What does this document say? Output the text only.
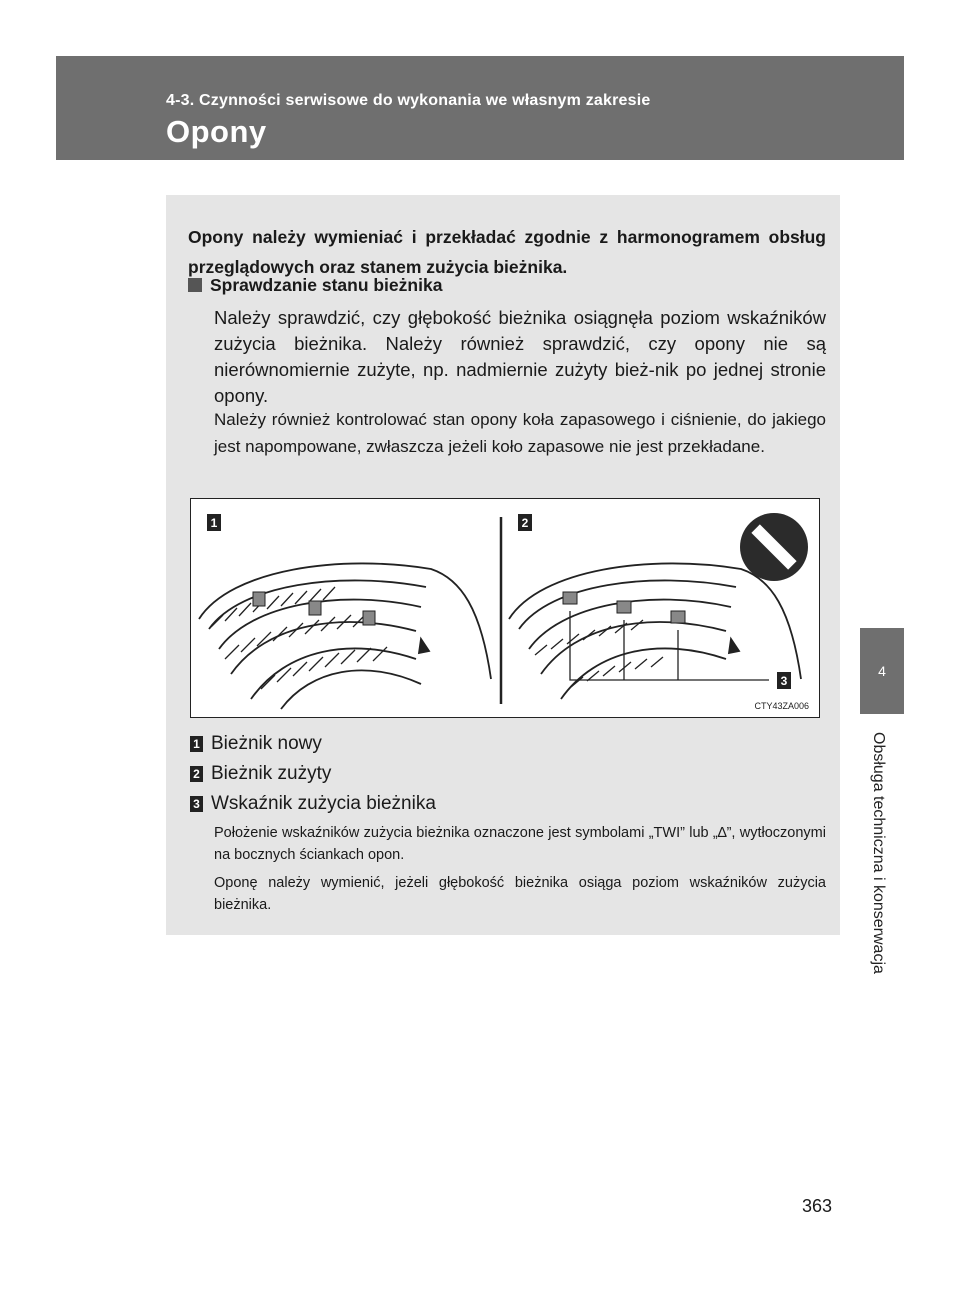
4-3. Czynności serwisowe do wykonania we własnym zakresie
Opony
4
Obsługa techniczna i konserwacja
Opony należy wymieniać i przekładać zgodnie z harmonogramem obsług przeglądowych oraz stanem zużycia bieżnika.
Sprawdzanie stanu bieżnika
Należy sprawdzić, czy głębokość bieżnika osiągnęła poziom wskaźników zużycia bieżnika. Należy również sprawdzić, czy opony nie są nierównomiernie zużyte, np. nadmiernie zużyty bież-nik po jednej stronie opony.
Należy również kontrolować stan opony koła zapasowego i ciśnienie, do jakiego jest napompowane, zwłaszcza jeżeli koło zapasowe nie jest przekładane.
1	2
3
CTY43ZA006
1 Bieżnik nowy
2 Bieżnik zużyty
3 Wskaźnik zużycia bieżnika
Położenie wskaźników zużycia bieżnika oznaczone jest symbolami „TWI” lub „∆”, wytłoczonymi na bocznych ściankach opon.
Oponę należy wymienić, jeżeli głębokość bieżnika osiąga poziom wskaźników zużycia bieżnika.
363
